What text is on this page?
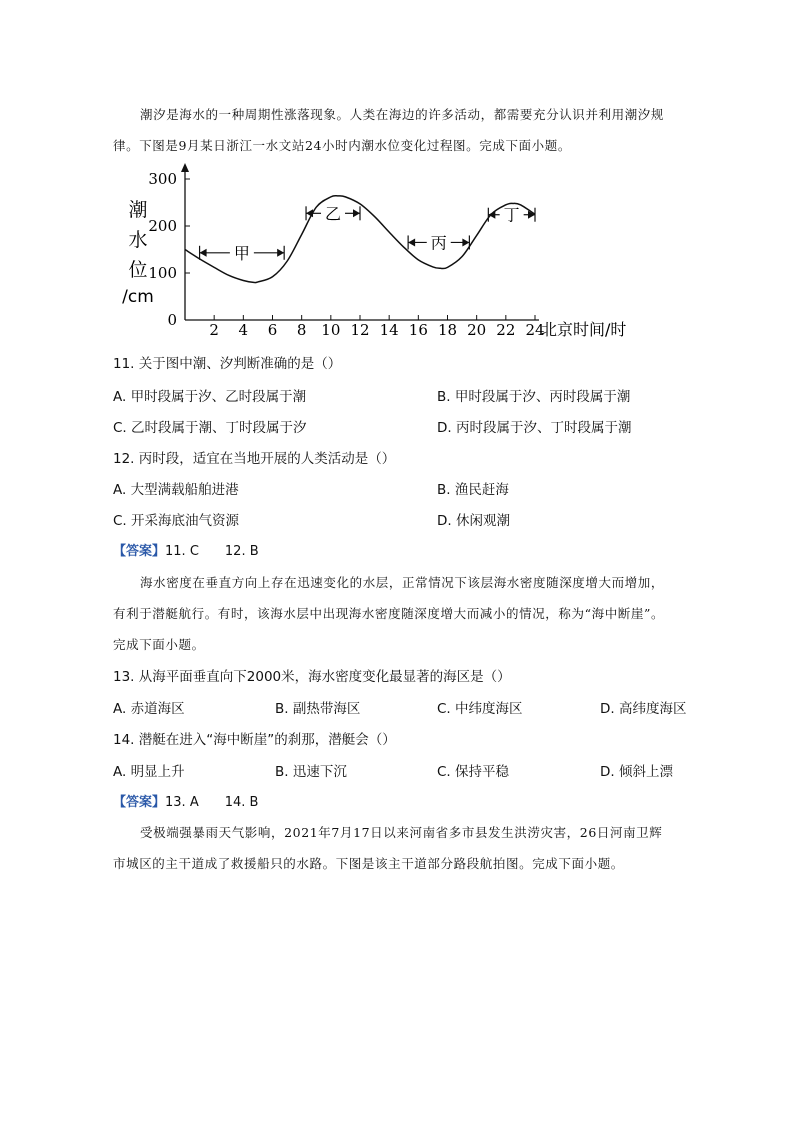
潮汐是海水的一种周期性涨落现象。人类在海边的许多活动，都需要充分认识并利用潮汐规
律。下图是9月某日浙江一水文站24小时内潮水位变化过程图。完成下面小题。
0
100
200
300
2 4 6 8 10 12 14 16 18 20 22 24
北京时间/时
潮
水
位
/cm
甲
乙
丙
丁
11. 关于图中潮、汐判断准确的是（）
A. 甲时段属于汐、乙时段属于潮	B. 甲时段属于汐、丙时段属于潮
C. 乙时段属于潮、丁时段属于汐	D. 丙时段属于汐、丁时段属于潮
12. 丙时段，适宜在当地开展的人类活动是（）
A. 大型满载船舶进港	B. 渔民赶海
C. 开采海底油气资源	D. 休闲观潮
【答案】11. C　　12. B
海水密度在垂直方向上存在迅速变化的水层，正常情况下该层海水密度随深度增大而增加，
有利于潜艇航行。有时，该海水层中出现海水密度随深度增大而减小的情况，称为“海中断崖”。
完成下面小题。
13. 从海平面垂直向下2000米，海水密度变化最显著的海区是（）
A. 赤道海区	B. 副热带海区	C. 中纬度海区	D. 高纬度海区
14. 潜艇在进入“海中断崖”的刹那，潜艇会（）
A. 明显上升	B. 迅速下沉	C. 保持平稳	D. 倾斜上漂
【答案】13. A　　14. B
受极端强暴雨天气影响，2021年7月17日以来河南省多市县发生洪涝灾害，26日河南卫辉
市城区的主干道成了救援船只的水路。下图是该主干道部分路段航拍图。完成下面小题。
